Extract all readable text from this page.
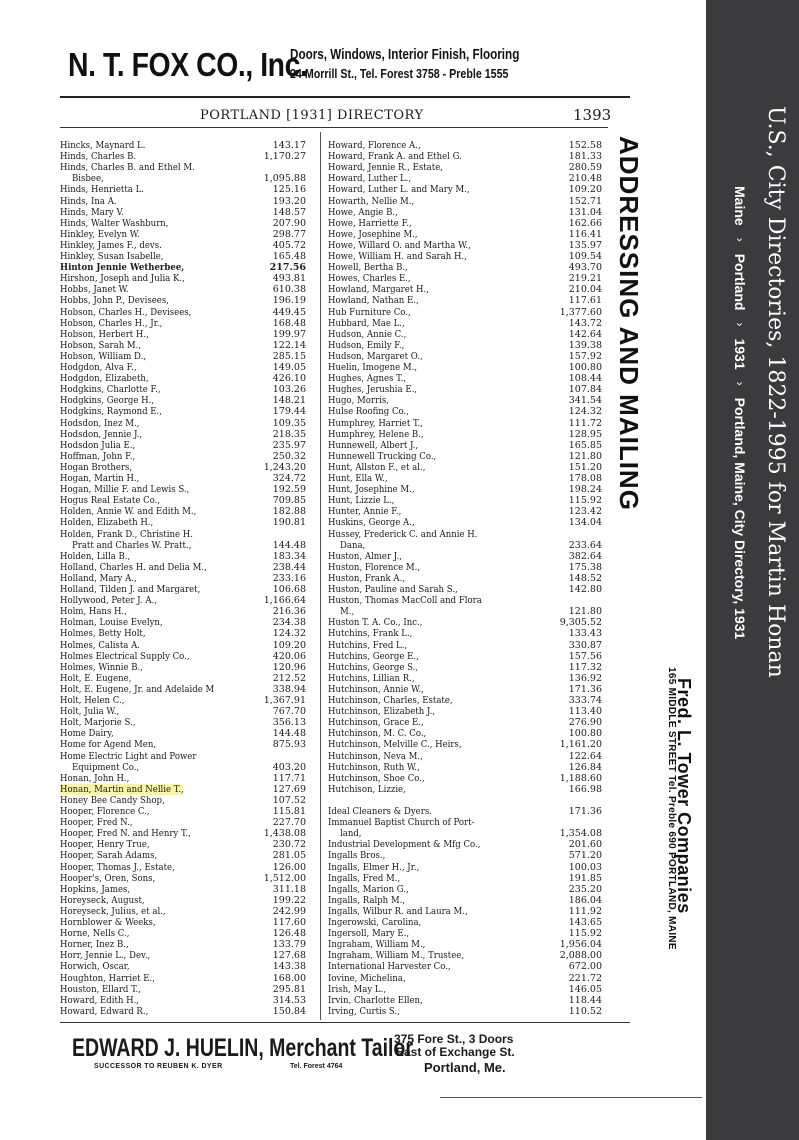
N. T. FOX CO., Inc.
Doors, Windows, Interior Finish, Flooring
24 Morrill St., Tel. Forest 3758 - Preble 1555
PORTLAND [1931] DIRECTORY	1393
Hincks, Maynard L.	143.17
Hinds, Charles B.	1,170.27
Hinds, Charles B. and Ethel M.
Bisbee,	1,095.88
Hinds, Henrietta L.	125.16
Hinds, Ina A.	193.20
Hinds, Mary V.	148.57
Hinds, Walter Washburn,	207.90
Hinkley, Evelyn W.	298.77
Hinkley, James F., devs.	405.72
Hinkley, Susan Isabelle,	165.48
Hinton Jennie Wetherbee,	217.56
Hirshon, Joseph and Julia K.,	493.81
Hobbs, Janet W.	610.38
Hobbs, John P., Devisees,	196.19
Hobson, Charles H., Devisees,	449.45
Hobson, Charles H., Jr.,	168.48
Hobson, Herbert H.,	199.97
Hobson, Sarah M.,	122.14
Hobson, William D.,	285.15
Hodgdon, Alva F.,	149.05
Hodgdon, Elizabeth,	426.10
Hodgkins, Charlotte F.,	103.26
Hodgkins, George H.,	148.21
Hodgkins, Raymond E.,	179.44
Hodsdon, Inez M.,	109.35
Hodsdon, Jennie J.,	218.35
Hodsdon Julia E.,	235.97
Hoffman, John F.,	250.32
Hogan Brothers,	1,243.20
Hogan, Martin H.,	324.72
Hogan, Millie F. and Lewis S.,	192.59
Hogus Real Estate Co.,	709.85
Holden, Annie W. and Edith M.,	182.88
Holden, Elizabeth H.,	190.81
Holden, Frank D., Christine H.
Pratt and Charles W. Pratt.,	144.48
Holden, Lilla B.,	183.34
Holland, Charles H. and Delia M.,	238.44
Holland, Mary A.,	233.16
Holland, Tilden J. and Margaret,	106.68
Hollywood, Peter J. A.,	1,166.64
Holm, Hans H.,	216.36
Holman, Louise Evelyn,	234.38
Holmes, Betty Holt,	124.32
Holmes, Calista A.	109.20
Holmes Electrical Supply Co.,	420.06
Holmes, Winnie B.,	120.96
Holt, E. Eugene,	212.52
Holt, E. Eugene, Jr. and Adelaide M	338.94
Holt, Helen C.,	1,367.91
Holt, Julia W.,	767.70
Holt, Marjorie S.,	356.13
Home Dairy,	144.48
Home for Agend Men,	875.93
Home Electric Light and Power
Equipment Co.,	403.20
Honan, John H.,	117.71
Honan, Martin and Nellie T.,	127.69
Honey Bee Candy Shop,	107.52
Hooper, Florence C.,	115.81
Hooper, Fred N.,	227.70
Hooper, Fred N. and Henry T.,	1,438.08
Hooper, Henry True,	230.72
Hooper, Sarah Adams,	281.05
Hooper, Thomas J., Estate,	126.00
Hooper's, Oren, Sons,	1,512.00
Hopkins, James,	311.18
Horeyseck, August,	199.22
Horeyseck, Julius, et al.,	242.99
Hornblower & Weeks,	117.60
Horne, Nells C.,	126.48
Horner, Inez B.,	133.79
Horr, Jennie L., Dev.,	127.68
Horwich, Oscar,	143.38
Houghton, Harriet E.,	168.00
Houston, Ellard T.,	295.81
Howard, Edith H.,	314.53
Howard, Edward R.,	150.84
Howard, Florence A.,	152.58
Howard, Frank A. and Ethel G.	181.33
Howard, Jennie R., Estate,	280.59
Howard, Luther L.,	210.48
Howard, Luther L. and Mary M.,	109.20
Howarth, Nellie M.,	152.71
Howe, Angie B.,	131.04
Howe, Harriette F.,	162.66
Howe, Josephine M.,	116.41
Howe, Willard O. and Martha W.,	135.97
Howe, William H. and Sarah H.,	109.54
Howell, Bertha B.,	493.70
Howes, Charles E.,	219.21
Howland, Margaret H.,	210.04
Howland, Nathan E.,	117.61
Hub Furniture Co.,	1,377.60
Hubbard, Mae L.,	143.72
Hudson, Annie C.,	142.64
Hudson, Emily F.,	139.38
Hudson, Margaret O.,	157.92
Huelin, Imogene M.,	100.80
Hughes, Agnes T.,	108.44
Hughes, Jerushia E.,	107.84
Hugo, Morris,	341.54
Hulse Roofing Co.,	124.32
Humphrey, Harriet T.,	111.72
Humphrey, Helene B.,	128.95
Hunnewell, Albert J.,	165.85
Hunnewell Trucking Co.,	121.80
Hunt, Allston F., et al.,	151.20
Hunt, Ella W.,	178.08
Hunt, Josephine M.,	198.24
Hunt, Lizzie L.,	115.92
Hunter, Annie F.,	123.42
Huskins, George A.,	134.04
Hussey, Frederick C. and Annie H.
Dana,	233.64
Huston, Almer J.,	382.64
Huston, Florence M.,	175.38
Huston, Frank A.,	148.52
Huston, Pauline and Sarah S.,	142.80
Huston, Thomas MacColl and Flora
M.,	121.80
Huston T. A. Co., Inc.,	9,305.52
Hutchins, Frank L.,	133.43
Hutchins, Fred L.,	330.87
Hutchins, George E.,	157.56
Hutchins, George S.,	117.32
Hutchins, Lillian R.,	136.92
Hutchinson, Annie W.,	171.36
Hutchinson, Charles, Estate,	333.74
Hutchinson, Elizabeth J.,	113.40
Hutchinson, Grace E.,	276.90
Hutchinson, M. C. Co.,	100.80
Hutchinson, Melville C., Heirs,	1,161.20
Hutchinson, Neva M.,	122.64
Hutchinson, Ruth W.,	126.84
Hutchinson, Shoe Co.,	1,188.60
Hutchison, Lizzie,	166.98
Ideal Cleaners & Dyers.	171.36
Immanuel Baptist Church of Port-
land,	1,354.08
Industrial Development & Mfg Co.,	201.60
Ingalls Bros.,	571.20
Ingalls, Elmer H., Jr.,	100.03
Ingalls, Fred M.,	191.85
Ingalls, Marion G.,	235.20
Ingalls, Ralph M.,	186.04
Ingalls, Wilbur R. and Laura M.,	111.92
Ingerowski, Carolina,	143.65
Ingersoll, Mary E.,	115.92
Ingraham, William M.,	1,956.04
Ingraham, William M., Trustee,	2,088.00
International Harvester Co.,	672.00
Iovine, Michelina,	221.72
Irish, May L.,	146.05
Irvin, Charlotte Ellen,	118.44
Irving, Curtis S.,	110.52
ADDRESSING AND MAILING
Fred. L. Tower Companies
165 MIDDLE STREET Tel. Preble 690 PORTLAND, MAINE
EDWARD J. HUELIN, Merchant Tailor
375 Fore St., 3 Doors
East of Exchange St.
Portland, Me.
SUCCESSOR TO REUBEN K. DYER	Tel. Forest 4764
U.S., City Directories, 1822-1995 for Martin Honan
Maine
›
Portland
›
1931
›
Portland, Maine, City Directory, 1931
